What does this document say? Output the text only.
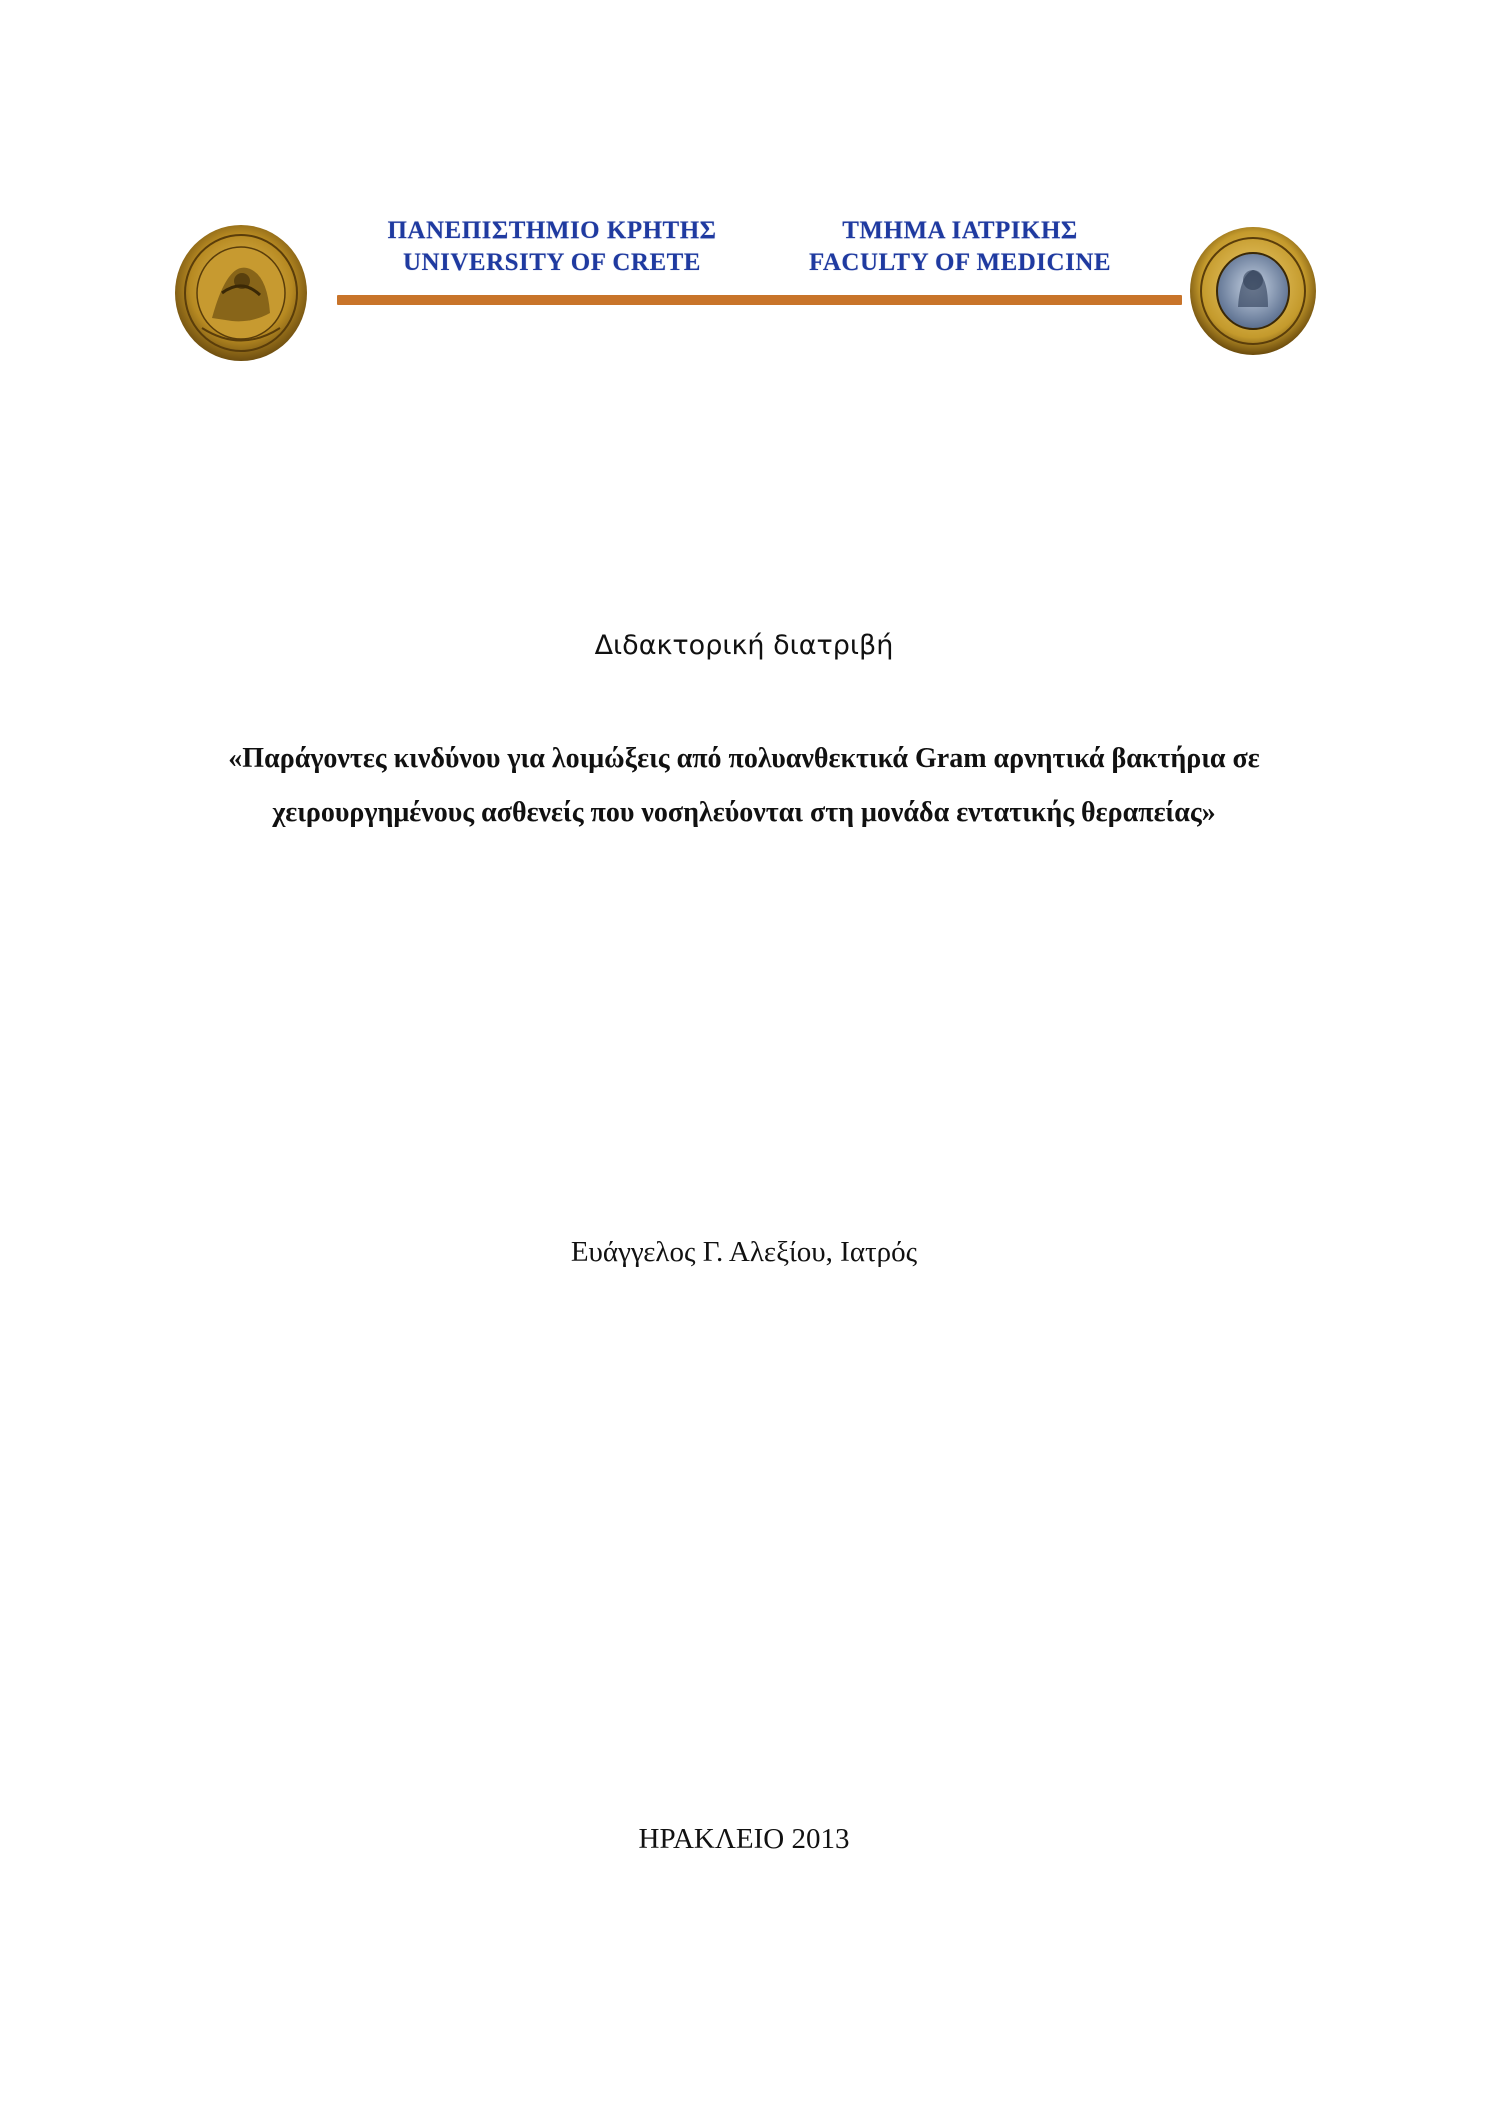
ΠΑΝΕΠΙΣΤΗΜΙΟ ΚΡΗΤΗΣ
UNIVERSITY OF CRETE
ΤΜΗΜΑ ΙΑΤΡΙΚΗΣ
FACULTY OF MEDICINE
Διδακτορική διατριβή
«Παράγοντες κινδύνου για λοιμώξεις από πολυανθεκτικά Gram αρνητικά βακτήρια σε χειρουργημένους ασθενείς που νοσηλεύονται στη μονάδα εντατικής θεραπείας»
Ευάγγελος Γ. Αλεξίου, Ιατρός
ΗΡΑΚΛΕΙΟ 2013
